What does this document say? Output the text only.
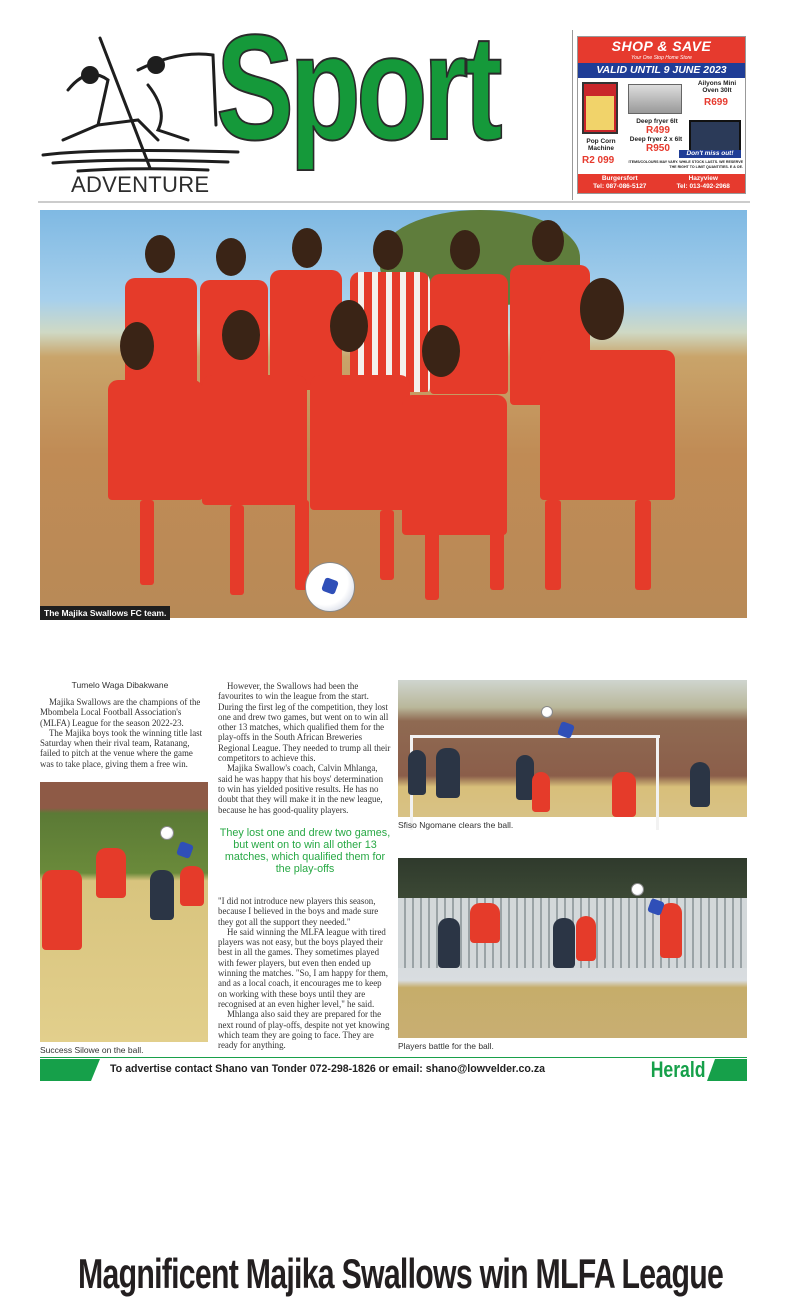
ADVENTURE
Sport	SHOP & SAVE
Your One Stop Home Store
VALID UNTIL 9 JUNE 2023
Ailyons Mini Oven 30lt
R699
Deep fryer 6lt
R499
Deep fryer 2 x 6lt
R950
Pop Corn Machine
R2 099
Don't miss out!
ITEMS/COLOURS MAY VARY. WHILE STOCK LASTS. WE RESERVE THE RIGHT TO LIMIT QUANTITIES. E & OE.
Burgersfort
Tel: 087-086-5127
Hazyview
Tel: 013-492-2968
The Majika Swallows FC team.
Magnificent Majika Swallows win MLFA League
Tumelo Waga Dibakwane

Majika Swallows are the champions of the Mbombela Local Football Association's (MLFA) League for the season 2022-23.

The Majika boys took the winning title last Saturday when their rival team, Ratanang, failed to pitch at the venue where the game was to take place, giving them a free win.

Success Silowe on the ball.

However, the Swallows had been the favourites to win the league from the start. During the first leg of the competition, they lost one and drew two games, but went on to win all other 13 matches, which qualified them for the play-offs in the South African Breweries Regional League. They needed to trump all their competitors to achieve this.

Majika Swallow's coach, Calvin Mhlanga, said he was happy that his boys' determination to win has yielded positive results. He has no doubt that they will make it in the new league, because he has good-quality players.

They lost one and drew two games, but went on to win all other 13 matches, which qualified them for the play-offs

"I did not introduce new players this season, because I believed in the boys and made sure they got all the support they needed."

He said winning the MLFA league with tired players was not easy, but the boys played their best in all the games. They sometimes played with fewer players, but even then ended up winning the matches. "So, I am happy for them, and as a local coach, it encourages me to keep on working with these boys until they are recognised at an even higher level," he said.

Mhlanga also said they are prepared for the next round of play-offs, despite not yet knowing which team they are going to face. They are ready for anything.

Sfiso Ngomane clears the ball.
Players battle for the ball.
To advertise contact Shano van Tonder 072-298-1826 or email: shano@lowvelder.co.za	Herald
